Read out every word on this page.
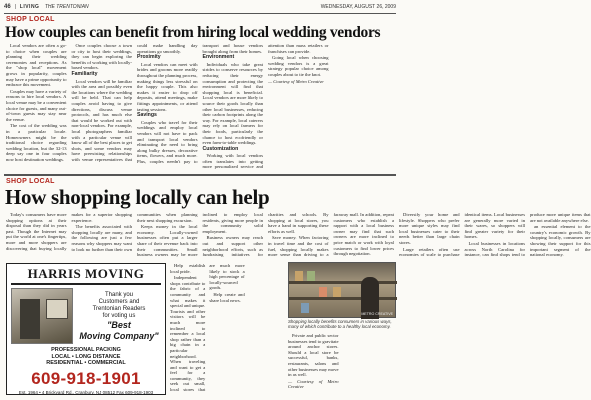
46 | LIVING THE TRENTONIAN	WEDNESDAY, AUGUST 26, 2009
SHOP LOCAL
How couples can benefit from hiring local wedding vendors

Local vendors are often a go-to choice when couples are planning their wedding ceremonies and receptions. As the "shop local" movement grows in popularity, couples may have a prime opportunity to embrace this movement.

Couples may have a variety of reasons to hire local vendors. A local venue may be a convenient choice for guests, and many out-of-town guests may stay near the venue.

The cost of the wedding was in a particular locale. Homeowners might be the traditional choice regarding wedding location, but the 32-13 deep say one in four couples now host destination weddings.

Once couples choose a town or city to host their weddings, they can begin exploring the benefits of working with locally-based vendors.

Familiarity

Local vendors will be familiar with the area and possibly even the locations where the wedding will be held. That can help couples avoid having to give directions, discuss venue protocols, and has much else that would be worked out with non-local vendors. For example, local photographers familiar with a particular venue will know all of the best places to get shots, and some vendors may have preexisting relationships with venue representatives that could make handling day operations go smoothly.

Proximity

Local vendors can meet with brides and grooms more readily throughout the planning process, making things less stressful on the happy couple. This also makes it easier to drop off deposits, attend meetings, make fittings appointments, or attend tasting sessions.

Savings

Couples who travel for their weddings and employ local vendors will not have to pack and transport local vendors eliminating the need to bring along bulky dresses, decorative items, flowers, and much more. Plus, couples needn't pay to transport and house vendors brought along from their homes.

Environment

Individuals who take great strides to conserve resources by reducing their energy consumption and protecting the environment will find that shopping local is beneficial. Local vendors are more likely to source their goods locally than other local businesses, reducing their carbon footprints along the way. For example, local caterers may rely on local farmers for their foods, particularly the chance to host ecofriendly or even farm-to-table weddings.

Customization

Working with local vendors often translates into getting more personalized service and attention than mass retailers or franchises can provide.

Going local when choosing wedding vendors is a great strategy popular choice among couples about to tie the knot.

— Courtesy of Metro Creative

SHOP LOCAL
How shopping locally can help

Today's consumers have more shopping options at their disposal than they did in years past. Though the Internet may put the world at one's fingertips, more and more shoppers are discovering that buying locally makes for a superior shopping experience.

The benefits associated with shopping locally are many, and the following are just a few reasons why shoppers may want to look no further than their own communities when planning their next shopping excursion.

Keeps money in the local economy. Locally-owned businesses often put a larger share of their revenue back into their communities. Small business owners may be more inclined to employ local residents, giving more people in the community solid employment.

Business owners may reach out and support other neighborhood efforts, such as fundraising initiatives for charities and schools. By shopping at local stores, you have a hand in supporting these efforts as well.

Save money. When factoring in travel time and the cost of fuel, shopping locally makes more sense than driving to a faraway mall. In addition, repeat customers who establish a rapport with a local business owner may find that such owners are more inclined to price match or work with loyal customers to find lower prices through negotiation.

Diversify your home and lifestyle. Shoppers who prefer more unique styles may find local businesses cater to their needs better than large chain stores.

Large retailers often use economies of scale to purchase identical items. Local businesses are generally more varied in their wares, so shoppers will find greater variety for their homes.

Local businesses in locations across North Carolina for instance, can find shops tend to produce more unique items that are not available anywhere else.

an essential element to the country's economic growth. By shopping locally, consumers are showing their support for this important segment of the national economy.

HARRIS MOVING
Thank you
Customers and
Trentonian Readers
for voting us
"Best
Moving Company"
PROFESSIONAL PACKING
LOCAL • LONG DISTANCE
RESIDENTIAL • COMMERCIAL
609-918-1901
Est. 1964 • 4 Brickyard Rd., Cranbury, NJ 08512 Fax 609-918-1903

Help establish local pride.

Independent shops contribute to the fabric of a community and what makes it special and unique. Tourists and other visitors will be much more inclined to remember a local shop rather than a big chain in a particular neighborhood. When traveling and want to get a feel for a community, they seek out small, local stores that are much more likely to stock a high percentage of locally-sourced goods.

Help create and share local news.

METRO CREATIVE
Shopping locally benefits consumers in various ways, many of which contribute to a healthy local economy.

Private and public sector businesses tend to gravitate around anchor stores. Should a local store be successful, banks, restaurants, salons and other businesses may move in as well.

— Courtesy of Metro Creative
